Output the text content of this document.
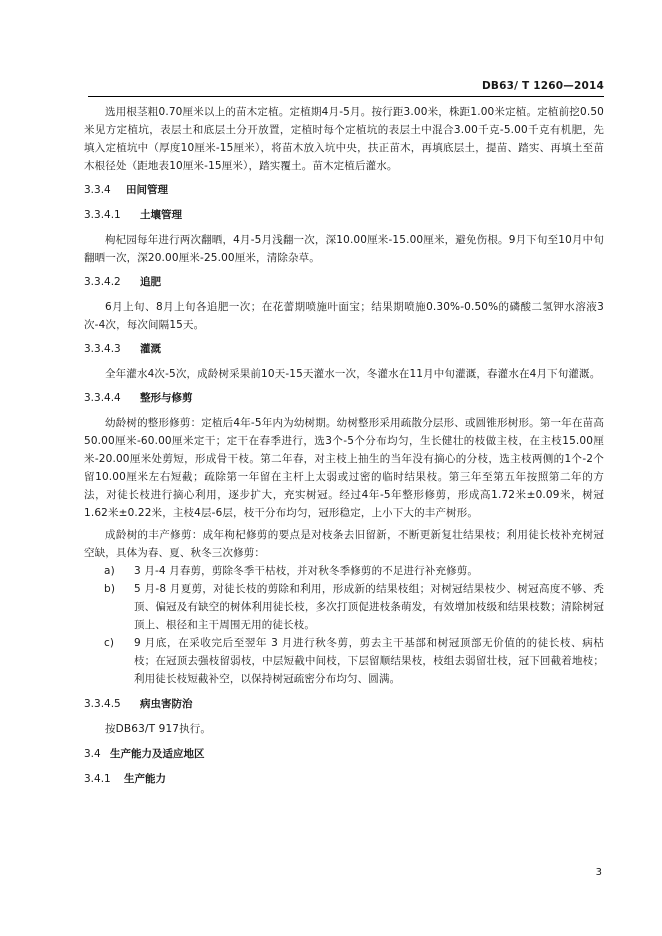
DB63/ T 1260—2014

选用根茎粗0.70厘米以上的苗木定植。定植期4月-5月。按行距3.00米，株距1.00米定植。定植前挖0.50米见方定植坑，表层土和底层土分开放置，定植时每个定植坑的表层土中混合3.00千克-5.00千克有机肥，先填入定植坑中（厚度10厘米-15厘米），将苗木放入坑中央，扶正苗木，再填底层土，提苗、踏实、再填土至苗木根径处（距地表10厘米-15厘米），踏实覆土。苗木定植后灌水。

3.3.4	田间管理
3.3.4.1	土壤管理

枸杞园每年进行两次翻晒，4月-5月浅翻一次，深10.00厘米-15.00厘米，避免伤根。9月下旬至10月中旬翻晒一次，深20.00厘米-25.00厘米，清除杂草。

3.3.4.2	追肥

6月上旬、8月上旬各追肥一次；在花蕾期喷施叶面宝；结果期喷施0.30%-0.50%的磷酸二氢钾水溶液3次-4次，每次间隔15天。

3.3.4.3	灌溉

全年灌水4次-5次，成龄树采果前10天-15天灌水一次，冬灌水在11月中旬灌溉，春灌水在4月下旬灌溉。

3.3.4.4	整形与修剪

幼龄树的整形修剪：定植后4年-5年内为幼树期。幼树整形采用疏散分层形、或圆锥形树形。第一年在苗高50.00厘米-60.00厘米定干；定干在春季进行，选3个-5个分布均匀，生长健壮的枝做主枝，在主枝15.00厘米-20.00厘米处剪短，形成骨干枝。第二年春，对主枝上抽生的当年没有摘心的分枝，选主枝两侧的1个-2个留10.00厘米左右短截；疏除第一年留在主杆上太弱或过密的临时结果枝。第三年至第五年按照第二年的方法，对徒长枝进行摘心利用，逐步扩大，充实树冠。经过4年-5年整形修剪，形成高1.72米±0.09米，树冠1.62米±0.22米，主枝4层-6层，枝干分布均匀，冠形稳定，上小下大的丰产树形。

成龄树的丰产修剪：成年枸杞修剪的要点是对枝条去旧留新，不断更新复壮结果枝；利用徒长枝补充树冠空缺，具体为春、夏、秋冬三次修剪：

a)	3 月-4 月春剪，剪除冬季干枯枝，并对秋冬季修剪的不足进行补充修剪。
b)	5 月-8 月夏剪，对徒长枝的剪除和利用，形成新的结果枝组；对树冠结果枝少、树冠高度不够、秃顶、偏冠及有缺空的树体利用徒长枝，多次打顶促进枝条萌发，有效增加枝级和结果枝数；清除树冠顶上、根径和主干周围无用的徒长枝。
c)	9 月底，在采收完后至翌年 3 月进行秋冬剪，剪去主干基部和树冠顶部无价值的的徒长枝、病枯枝；在冠顶去强枝留弱枝，中层短截中间枝，下层留顺结果枝，枝组去弱留壮枝，冠下回截着地枝；利用徒长枝短截补空，以保持树冠疏密分布均匀、圆满。
3.3.4.5	病虫害防治

按DB63/T 917执行。

3.4 生产能力及适应地区
3.4.1	生产能力
3
